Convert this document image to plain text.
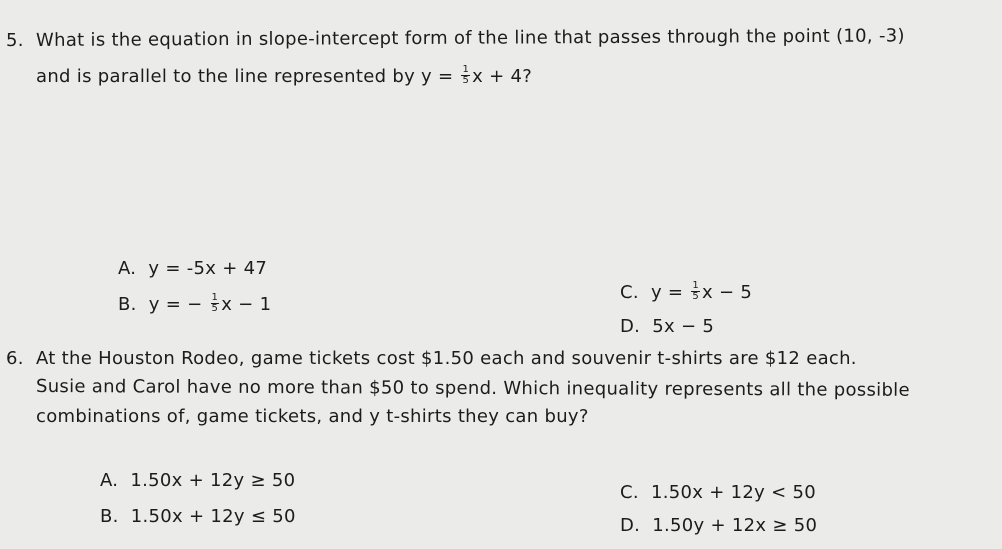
5. What is the equation in slope-intercept form of the line that passes through the point (10, -3)
and is parallel to the line represented by $y = \frac{1}{5}$ x + 4?
A. y = -5x + 47
B. y = − $\frac{1}{5}$ x − 1
C. $y = \frac{1}{5}$ x − 5
D. 5x − 5
6. At the Houston Rodeo, game tickets cost $1.50 each and souvenir t-shirts are $12 each.
Susie and Carol have no more than $50 to spend. Which inequality represents all the possible
combinations of, game tickets, and y t-shirts they can buy?
A. 1.50x + 12y ≥ 50
B. 1.50x + 12y ≤ 50
C. 1.50x + 12y < 50
D. 1.50y + 12x ≥ 50
